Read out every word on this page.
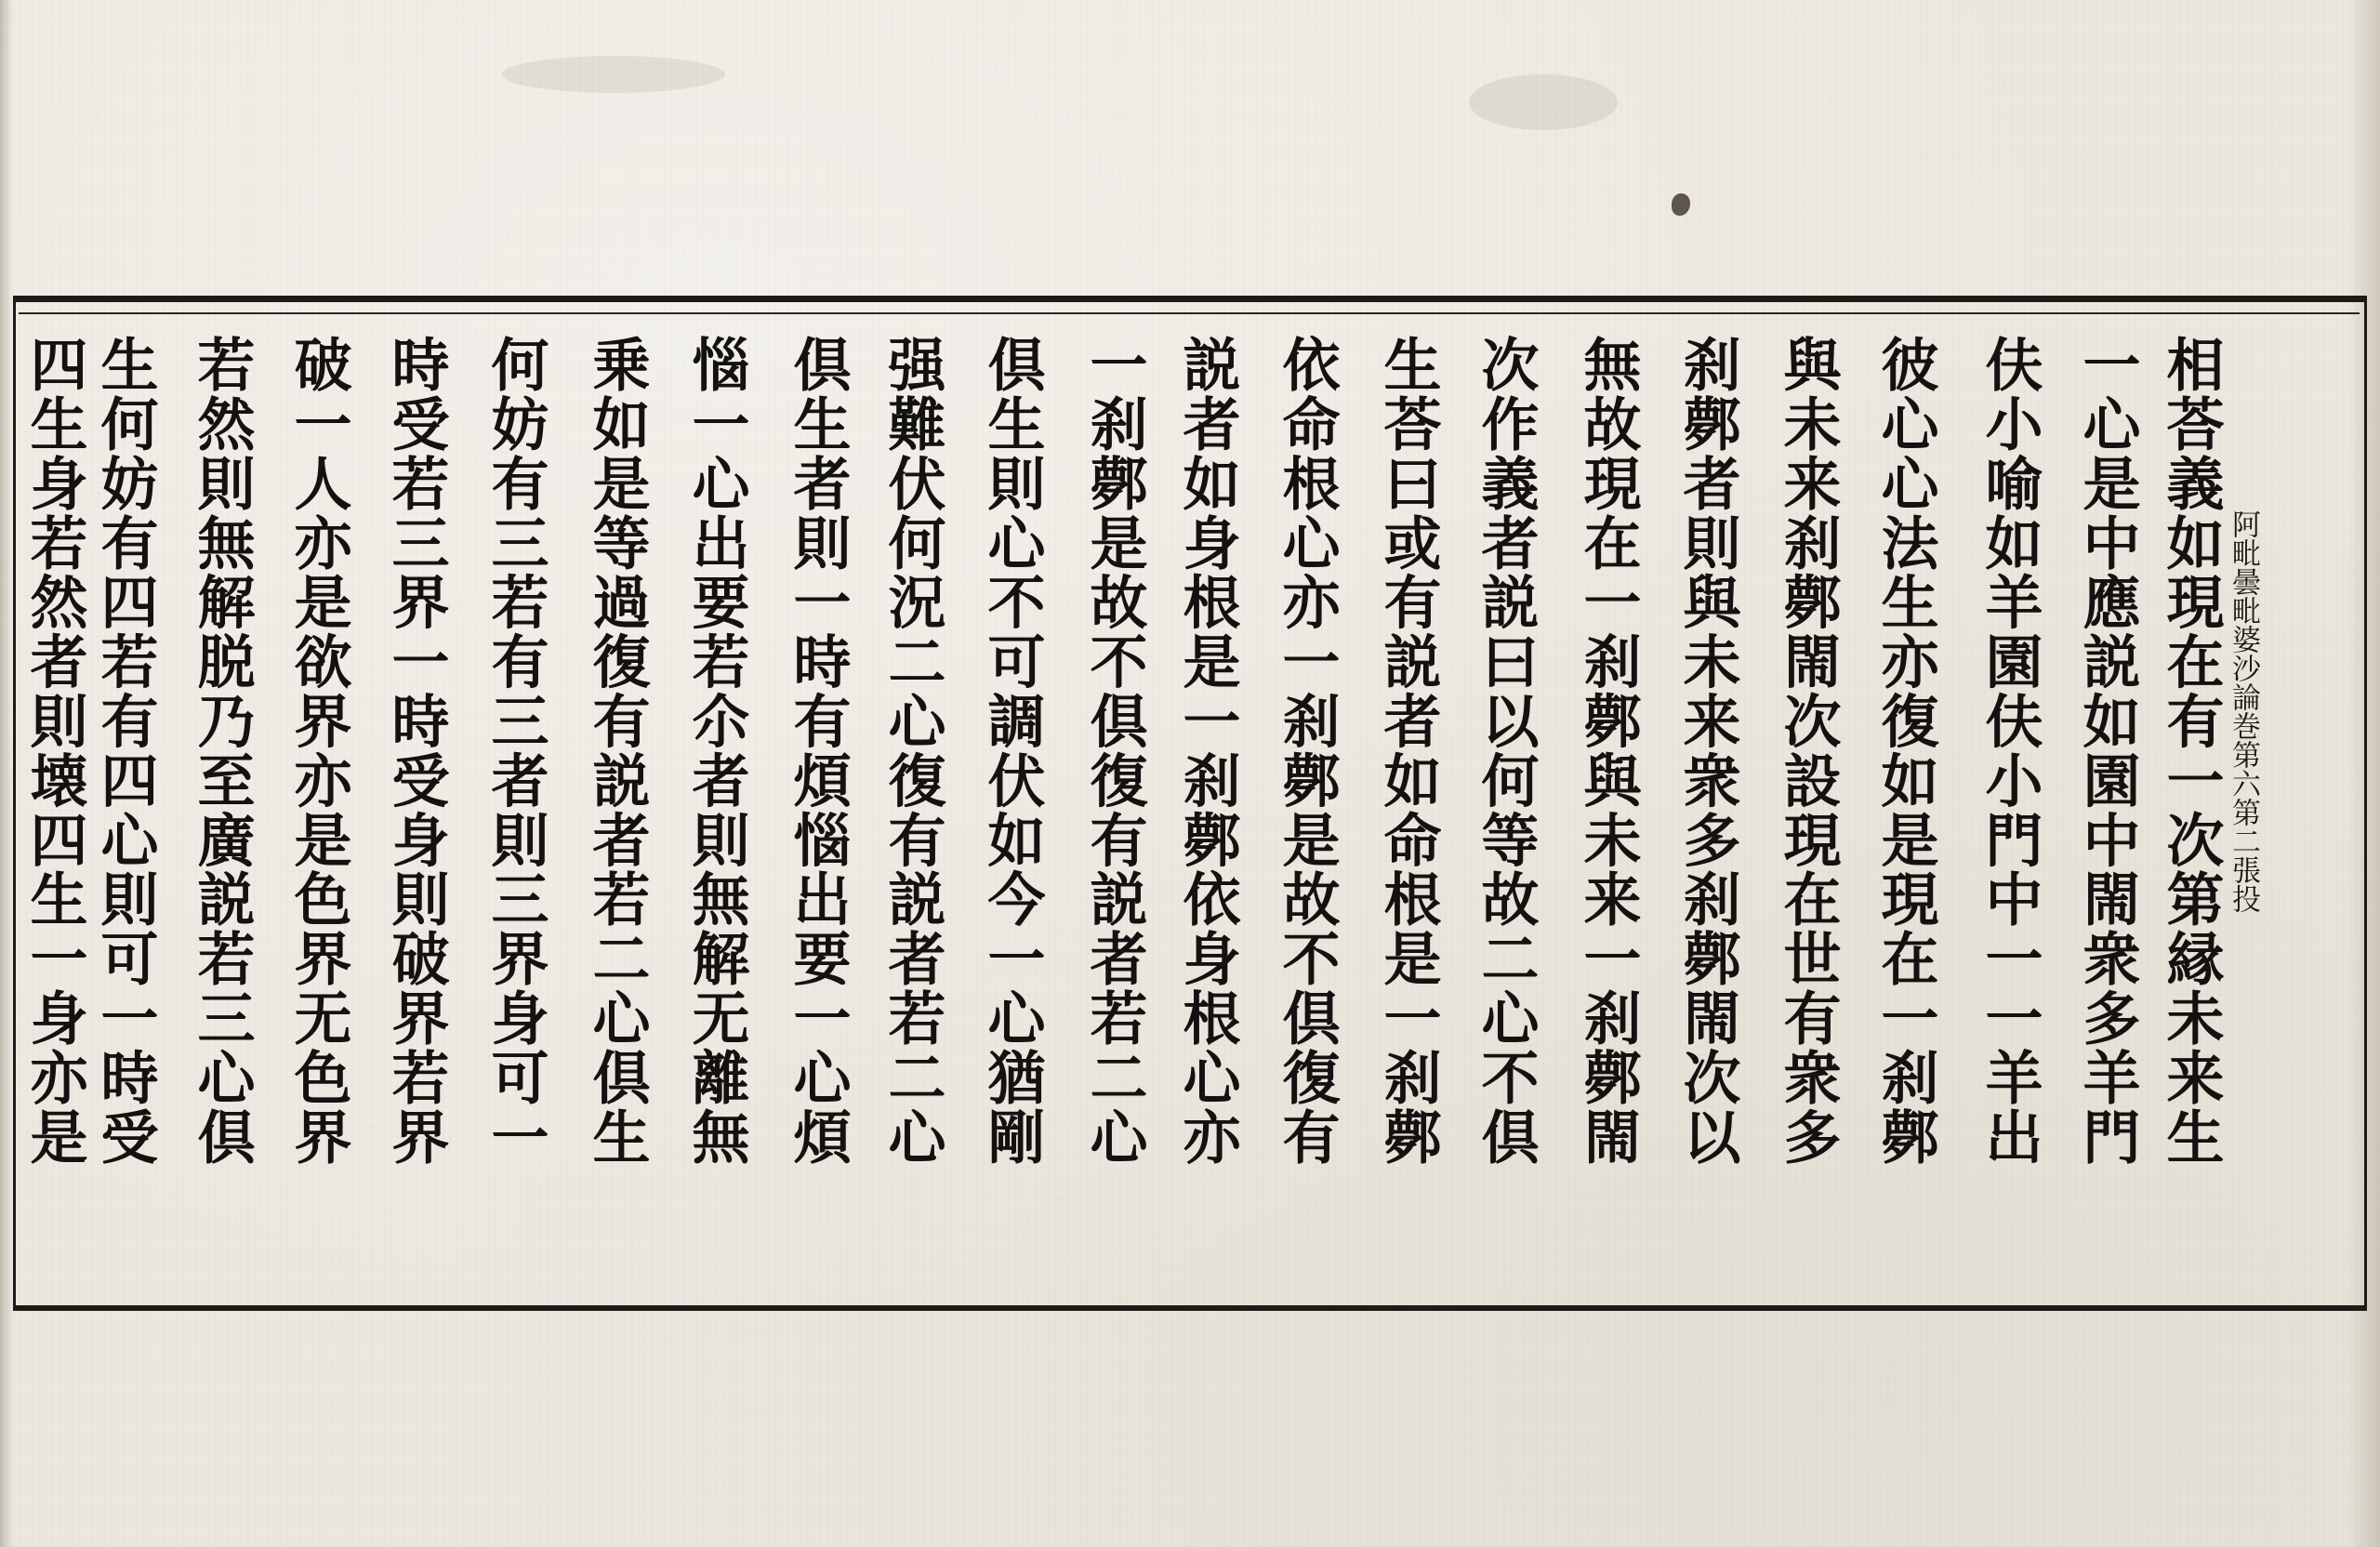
阿毗曇毗婆沙論巻第六第二張投
相荅義如現在有一次第縁未来生
一心是中應説如園中閙衆多羊門
伕小喻如羊園伕小門中一一羊出
彼心心法生亦復如是現在一刹鄸
與未来刹鄸閙次設現在世有衆多
刹鄸者則與未来衆多刹鄸閙次以
無故現在一刹鄸與未来一刹鄸閙
次作義者説曰以何等故二心不倶
生荅曰或有説者如命根是一刹鄸
依命根心亦一刹鄸是故不倶復有
説者如身根是一刹鄸依身根心亦
一刹鄸是故不倶復有説者若二心
倶生則心不可調伏如今一心猶剛
强難伏何況二心復有説者若二心
倶生者則一時有煩惱出要一心煩
惱一心出要若尒者則無解无離無
乗如是等過復有説者若二心倶生
何妨有三若有三者則三界身可一
時受若三界一時受身則破界若界
破一人亦是欲界亦是色界无色界
若然則無解脱乃至廣説若三心倶
生何妨有四若有四心則可一時受
四生身若然者則壊四生一身亦是
